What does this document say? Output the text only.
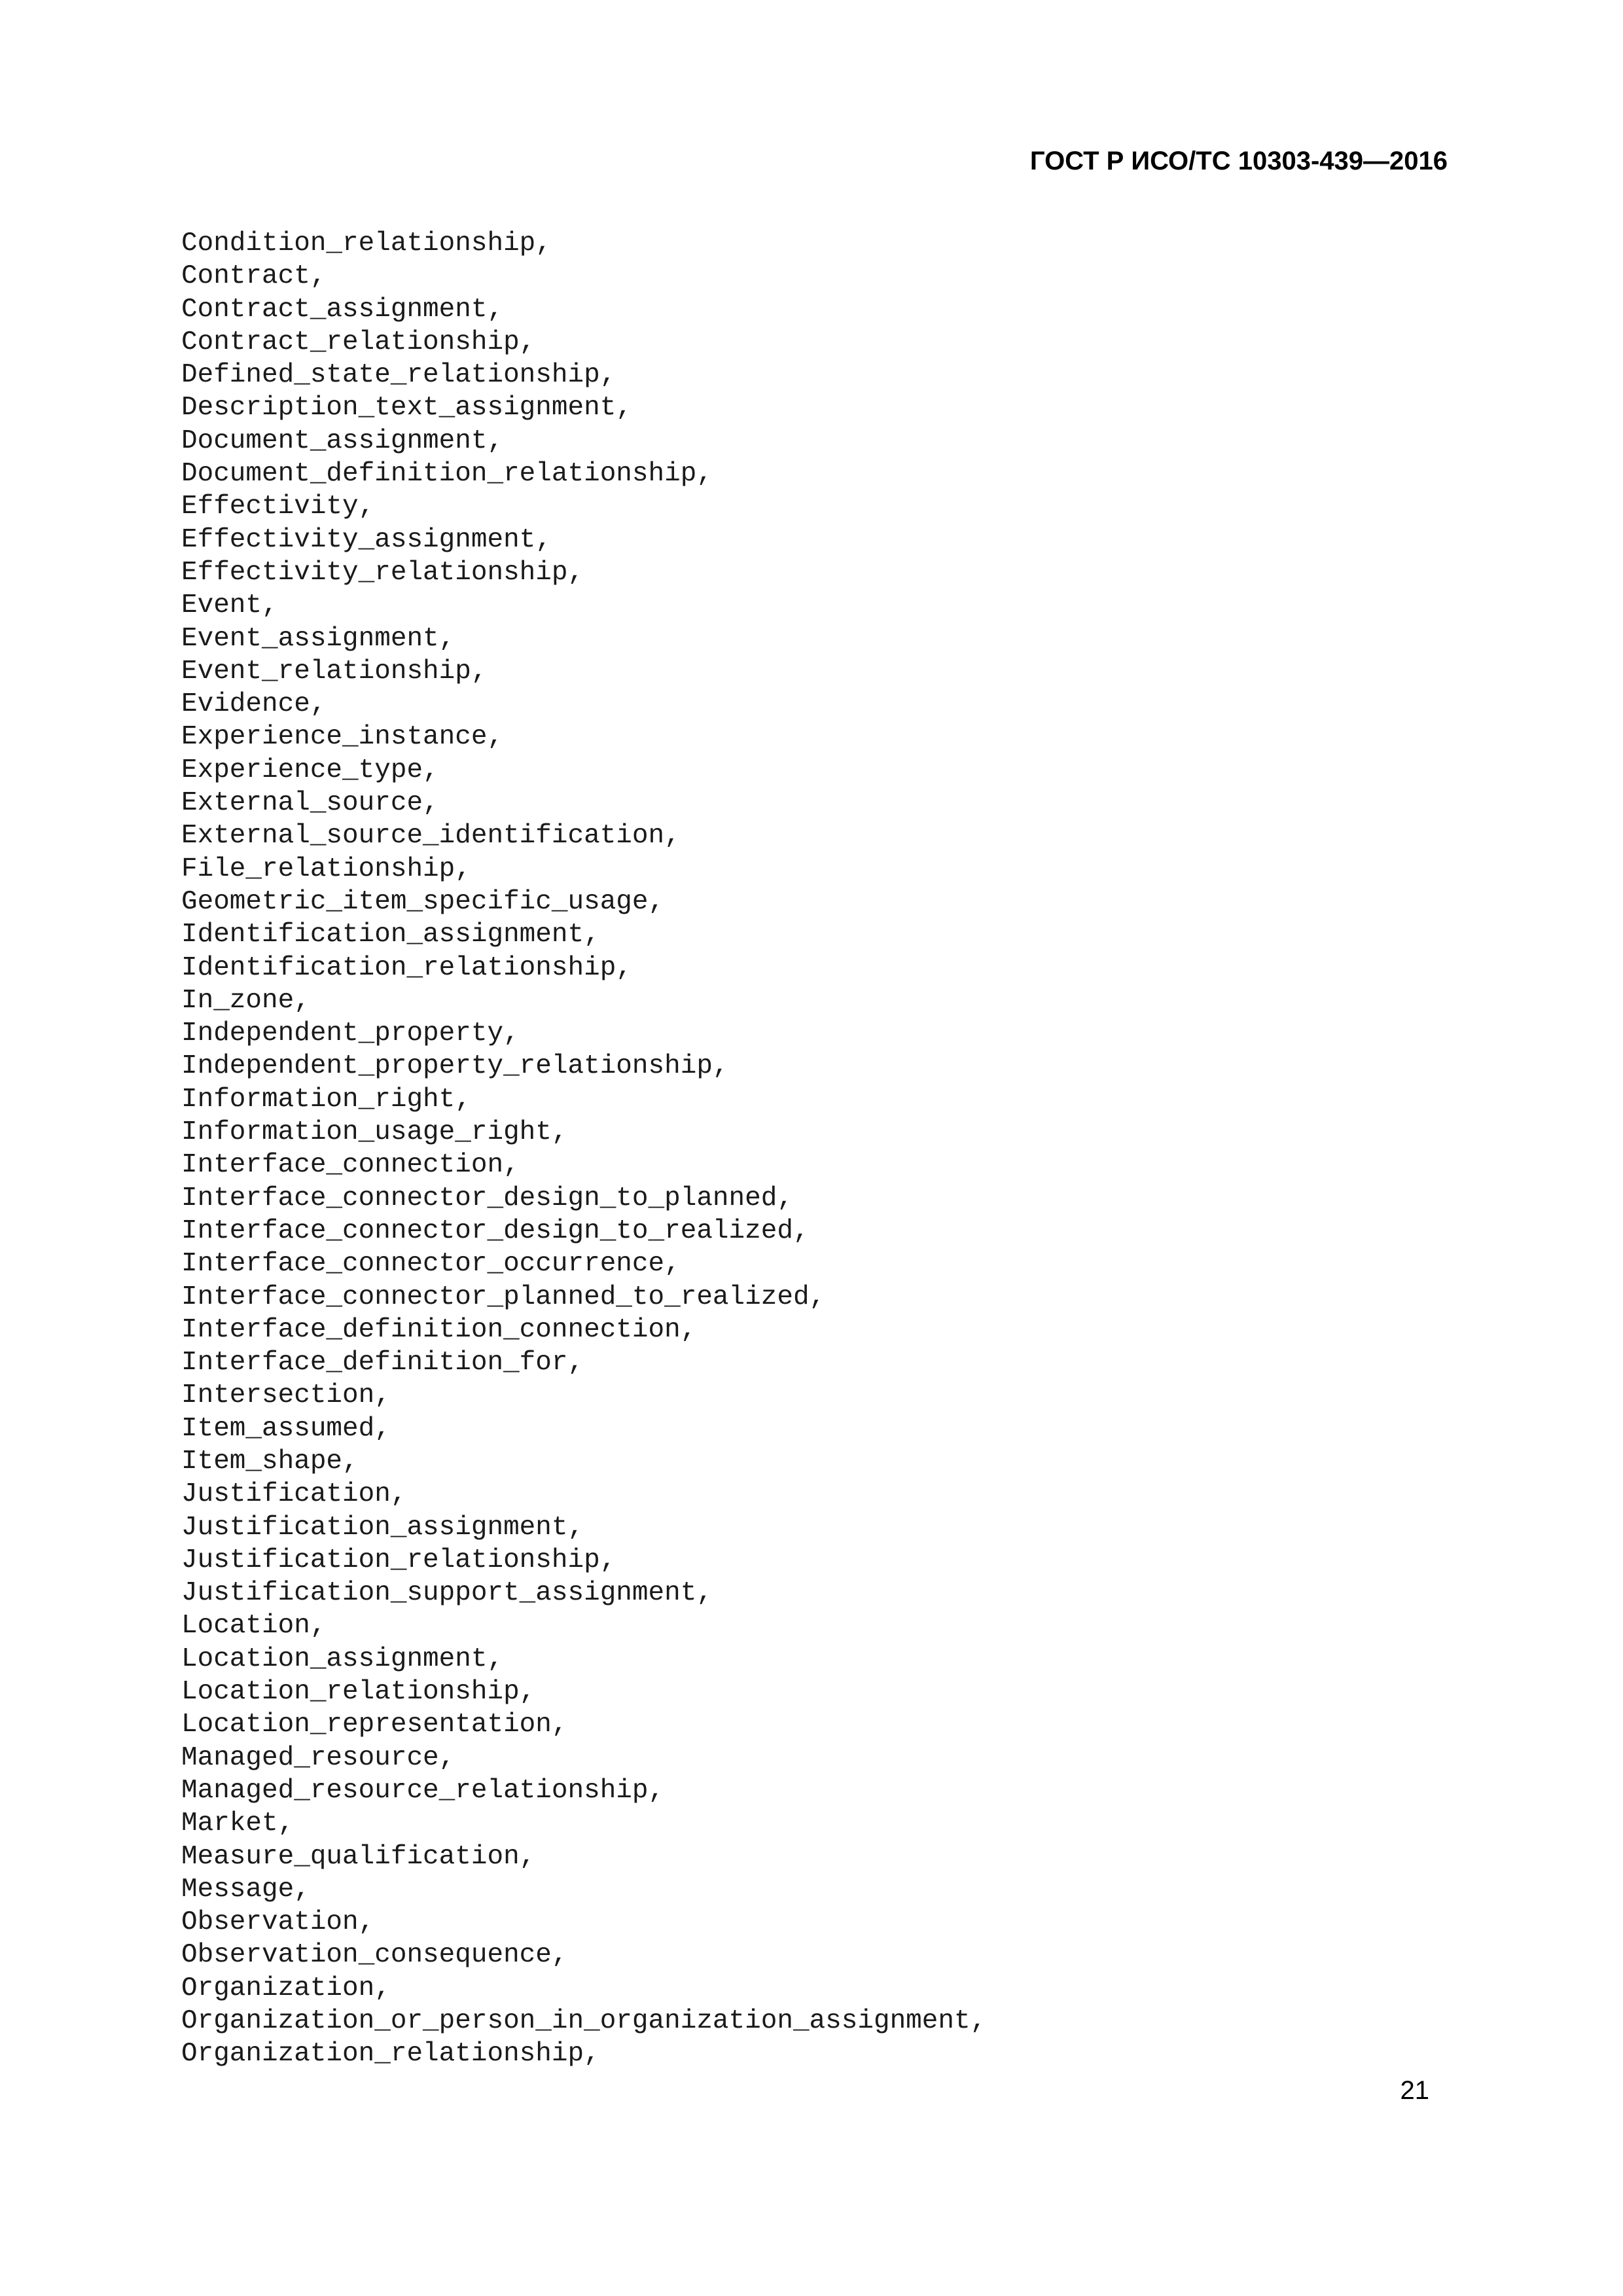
ГОСТ Р ИСО/ТС 10303-439—2016
Condition_relationship,
Contract,
Contract_assignment,
Contract_relationship,
Defined_state_relationship,
Description_text_assignment,
Document_assignment,
Document_definition_relationship,
Effectivity,
Effectivity_assignment,
Effectivity_relationship,
Event,
Event_assignment,
Event_relationship,
Evidence,
Experience_instance,
Experience_type,
External_source,
External_source_identification,
File_relationship,
Geometric_item_specific_usage,
Identification_assignment,
Identification_relationship,
In_zone,
Independent_property,
Independent_property_relationship,
Information_right,
Information_usage_right,
Interface_connection,
Interface_connector_design_to_planned,
Interface_connector_design_to_realized,
Interface_connector_occurrence,
Interface_connector_planned_to_realized,
Interface_definition_connection,
Interface_definition_for,
Intersection,
Item_assumed,
Item_shape,
Justification,
Justification_assignment,
Justification_relationship,
Justification_support_assignment,
Location,
Location_assignment,
Location_relationship,
Location_representation,
Managed_resource,
Managed_resource_relationship,
Market,
Measure_qualification,
Message,
Observation,
Observation_consequence,
Organization,
Organization_or_person_in_organization_assignment,
Organization_relationship,
21
